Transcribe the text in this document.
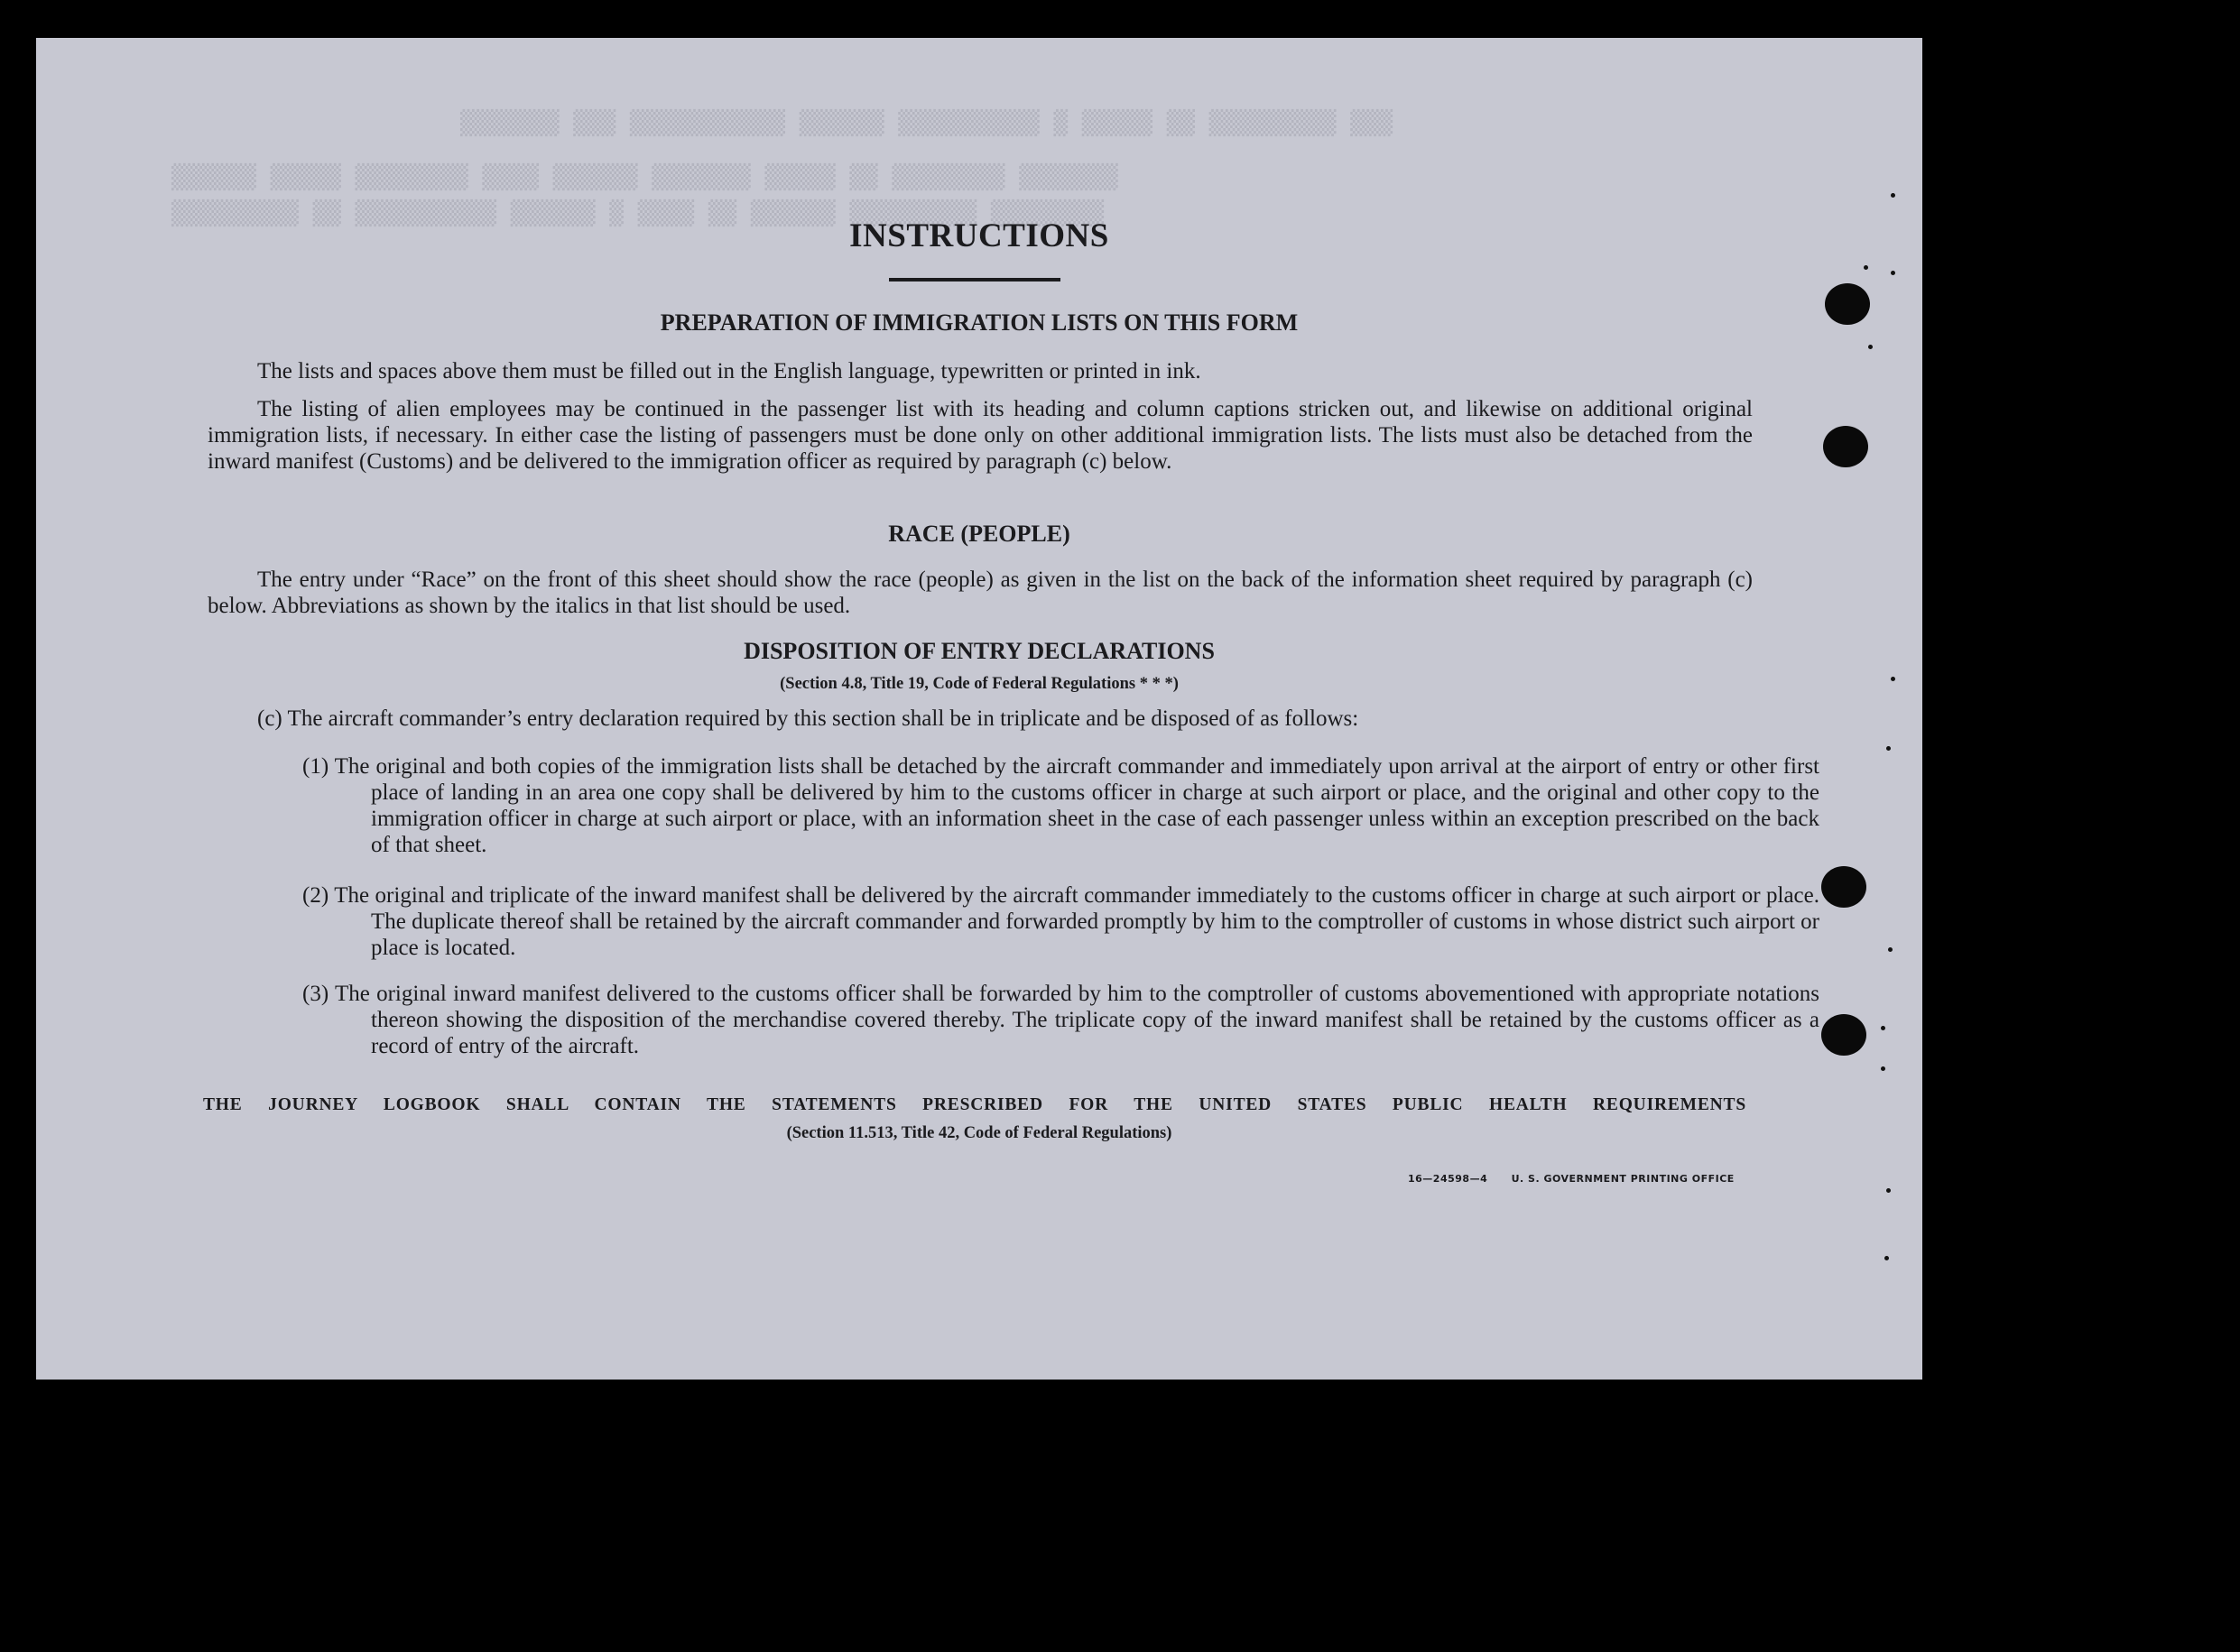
▒▒▒ ▒▒▒▒▒▒▒▒▒ ▒▒ ▒▒▒▒▒ ▒ ▒▒▒▒▒▒▒▒▒▒ ▒▒▒▒▒▒ ▒▒▒▒▒▒▒▒▒▒▒ ▒▒▒ ▒▒▒▒▒▒▒
▒▒▒▒▒▒▒ ▒▒▒▒▒▒▒▒ ▒▒ ▒▒▒▒▒ ▒▒▒▒▒▒▒ ▒▒▒▒▒▒ ▒▒▒▒ ▒▒▒▒▒▒▒▒ ▒▒▒▒▒ ▒▒▒▒▒▒
▒▒▒▒▒▒▒▒ ▒▒▒▒▒▒▒▒▒ ▒▒▒▒▒▒ ▒▒ ▒▒▒▒ ▒ ▒▒▒▒▒▒ ▒▒▒▒▒▒▒▒▒▒ ▒▒ ▒▒▒▒▒▒▒▒▒
INSTRUCTIONS
PREPARATION OF IMMIGRATION LISTS ON THIS FORM
The lists and spaces above them must be filled out in the English language, typewritten or printed in ink.
The listing of alien employees may be continued in the passenger list with its heading and column captions stricken out, and likewise on additional original immigration lists, if necessary. In either case the listing of passengers must be done only on other additional immigration lists. The lists must also be detached from the inward manifest (Customs) and be delivered to the immigration officer as required by paragraph (c) below.
RACE (PEOPLE)
The entry under “Race” on the front of this sheet should show the race (people) as given in the list on the back of the information sheet required by paragraph (c) below. Abbreviations as shown by the italics in that list should be used.
DISPOSITION OF ENTRY DECLARATIONS
(Section 4.8, Title 19, Code of Federal Regulations * * *)
(c) The aircraft commander’s entry declaration required by this section shall be in triplicate and be disposed of as follows:
(1) The original and both copies of the immigration lists shall be detached by the aircraft commander and immediately upon arrival at the airport of entry or other first place of landing in an area one copy shall be delivered by him to the customs officer in charge at such airport or place, and the original and other copy to the immigration officer in charge at such airport or place, with an information sheet in the case of each passenger unless within an exception prescribed on the back of that sheet.
(2) The original and triplicate of the inward manifest shall be delivered by the aircraft commander immediately to the customs officer in charge at such airport or place. The duplicate thereof shall be retained by the aircraft commander and forwarded promptly by him to the comptroller of customs in whose district such airport or place is located.
(3) The original inward manifest delivered to the customs officer shall be forwarded by him to the comptroller of customs abovementioned with appropriate notations thereon showing the disposition of the merchandise covered thereby. The triplicate copy of the inward manifest shall be retained by the customs officer as a record of entry of the aircraft.
THE JOURNEY LOGBOOK SHALL CONTAIN THE STATEMENTS PRESCRIBED FOR THE UNITED STATES PUBLIC HEALTH REQUIREMENTS
(Section 11.513, Title 42, Code of Federal Regulations)
16—24598—4 U. S. GOVERNMENT PRINTING OFFICE
